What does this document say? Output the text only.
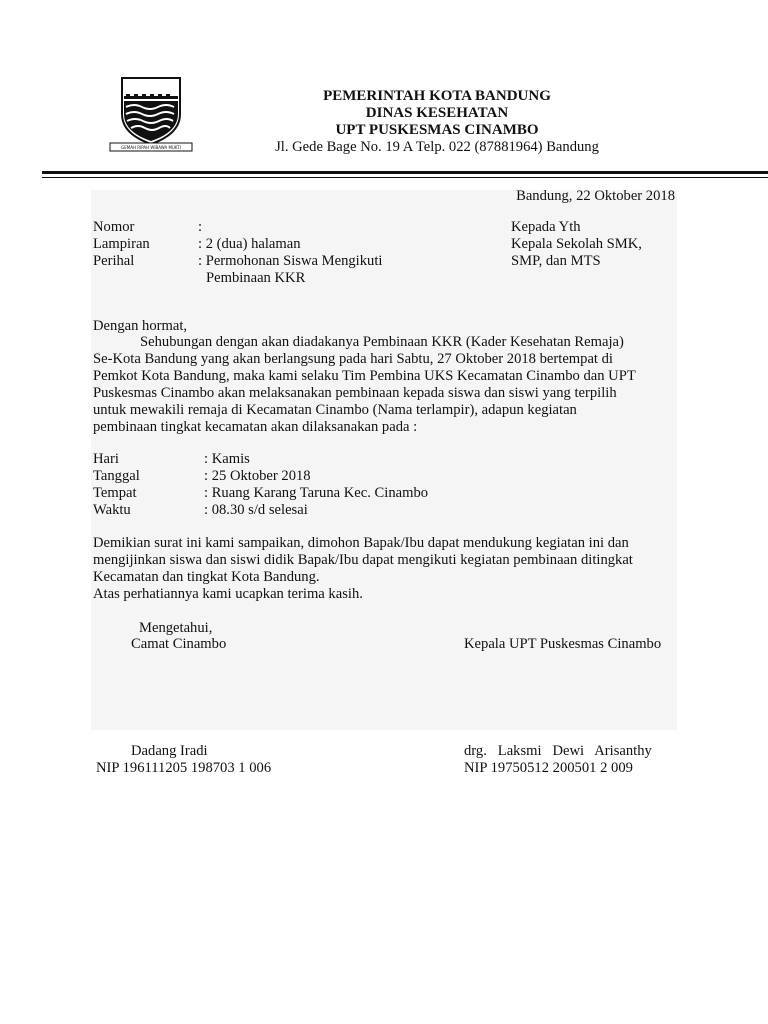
GEMAH RIPAH WIBAWA MUKTI
PEMERINTAH KOTA BANDUNG
DINAS KESEHATAN
UPT PUSKESMAS CINAMBO
Jl. Gede Bage No. 19 A Telp. 022 (87881964) Bandung
Bandung, 22 Oktober 2018
Nomor	:
Lampiran	: 2 (dua) halaman
Perihal	: Permohonan Siswa Mengikuti
Pembinaan KKR
Kepada Yth
Kepala Sekolah SMK,
SMP, dan MTS
Dengan hormat,
Sehubungan dengan akan diadakanya Pembinaan KKR (Kader Kesehatan Remaja)
Se-Kota Bandung yang akan berlangsung pada hari Sabtu, 27 Oktober 2018 bertempat di
Pemkot Kota Bandung, maka kami selaku Tim Pembina UKS Kecamatan Cinambo dan UPT
Puskesmas Cinambo akan melaksanakan pembinaan kepada siswa dan siswi yang terpilih
untuk mewakili remaja di Kecamatan Cinambo (Nama terlampir), adapun kegiatan
pembinaan tingkat kecamatan akan dilaksanakan pada :
Hari	: Kamis
Tanggal	: 25 Oktober 2018
Tempat	: Ruang Karang Taruna Kec. Cinambo
Waktu	: 08.30 s/d selesai
Demikian surat ini kami sampaikan, dimohon Bapak/Ibu dapat mendukung kegiatan ini dan
mengijinkan siswa dan siswi didik Bapak/Ibu dapat mengikuti kegiatan pembinaan ditingkat
Kecamatan dan tingkat Kota Bandung.
Atas perhatiannya kami ucapkan terima kasih.
Mengetahui,
Camat Cinambo	Kepala UPT Puskesmas Cinambo
Dadang Iradi
NIP 196111205 198703 1 006
drg.   Laksmi   Dewi   Arisanthy
NIP 19750512 200501 2 009
